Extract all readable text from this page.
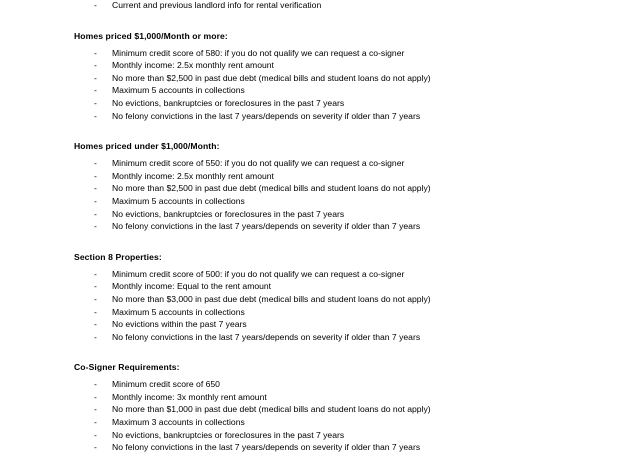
-	Current and previous landlord info for rental verification
Homes priced $1,000/Month or more:
-	Minimum credit score of 580: if you do not qualify we can request a co-signer
-	Monthly income: 2.5x monthly rent amount
-	No more than $2,500 in past due debt (medical bills and student loans do not apply)
-	Maximum 5 accounts in collections
-	No evictions, bankruptcies or foreclosures in the past 7 years
-	No felony convictions in the last 7 years/depends on severity if older than 7 years
Homes priced under $1,000/Month:
-	Minimum credit score of 550: if you do not qualify we can request a co-signer
-	Monthly income: 2.5x monthly rent amount
-	No more than $2,500 in past due debt (medical bills and student loans do not apply)
-	Maximum 5 accounts in collections
-	No evictions, bankruptcies or foreclosures in the past 7 years
-	No felony convictions in the last 7 years/depends on severity if older than 7 years
Section 8 Properties:
-	Minimum credit score of 500: if you do not qualify we can request a co-signer
-	Monthly income: Equal to the rent amount
-	No more than $3,000 in past due debt (medical bills and student loans do not apply)
-	Maximum 5 accounts in collections
-	No evictions within the past 7 years
-	No felony convictions in the last 7 years/depends on severity if older than 7 years
Co-Signer Requirements:
-	Minimum credit score of 650
-	Monthly income: 3x monthly rent amount
-	No more than $1,000 in past due debt (medical bills and student loans do not apply)
-	Maximum 3 accounts in collections
-	No evictions, bankruptcies or foreclosures in the past 7 years
-	No felony convictions in the last 7 years/depends on severity if older than 7 years
